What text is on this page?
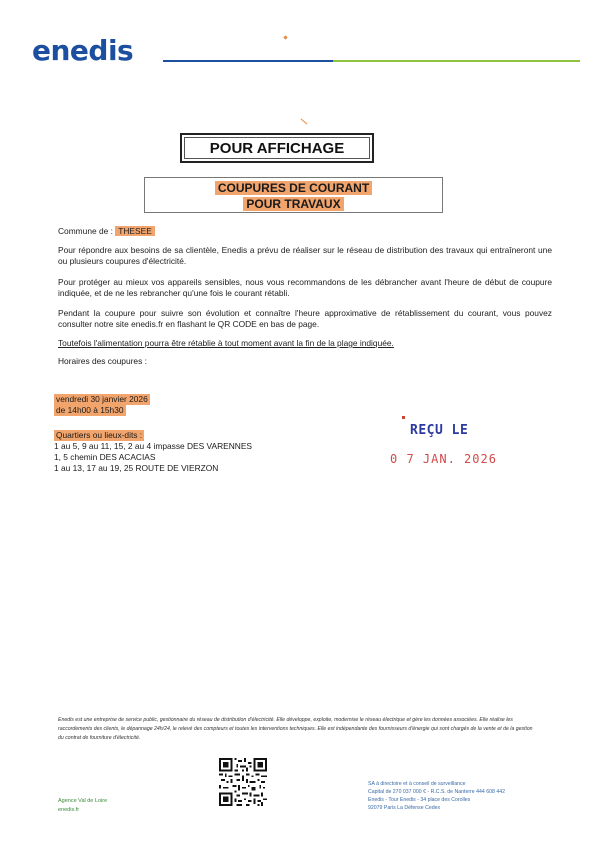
enedis
POUR AFFICHAGE
COUPURES DE COURANT
POUR TRAVAUX
Commune de : THESEE
Pour répondre aux besoins de sa clientèle, Enedis a prévu de réaliser sur le réseau de distribution des travaux qui entraîneront une ou plusieurs coupures d'électricité.
Pour protéger au mieux vos appareils sensibles, nous vous recommandons de les débrancher avant l'heure de début de coupure indiquée, et de ne les rebrancher qu'une fois le courant rétabli.
Pendant la coupure pour suivre son évolution et connaître l'heure approximative de rétablissement du courant, vous pouvez consulter notre site enedis.fr en flashant le QR CODE en bas de page.
Toutefois l'alimentation pourra être rétablie à tout moment avant la fin de la plage indiquée.
Horaires des coupures :
vendredi 30 janvier 2026
de 14h00 à 15h30
Quartiers ou lieux-dits :
1 au 5, 9 au 11, 15, 2 au 4 impasse DES VARENNES
1, 5 chemin DES ACACIAS
1 au 13, 17 au 19, 25 ROUTE DE VIERZON
REÇU LE
0 7 JAN. 2026
Enedis est une entreprise de service public, gestionnaire du réseau de distribution d'électricité. Elle développe, exploite, modernise le réseau électrique et gère les données associées. Elle réalise les raccordements des clients, le dépannage 24h/24, le relevé des compteurs et toutes les interventions techniques. Elle est indépendante des fournisseurs d'énergie qui sont chargés de la vente et de la gestion du contrat de fourniture d'électricité.
Agence Val de Loire
enedis.fr
SA à directoire et à conseil de surveillance
Capital de 270 037 000 € - R.C.S. de Nanterre 444 608 442
Enedis - Tour Enedis - 34 place des Corolles
92079 Paris La Défense Cedex
